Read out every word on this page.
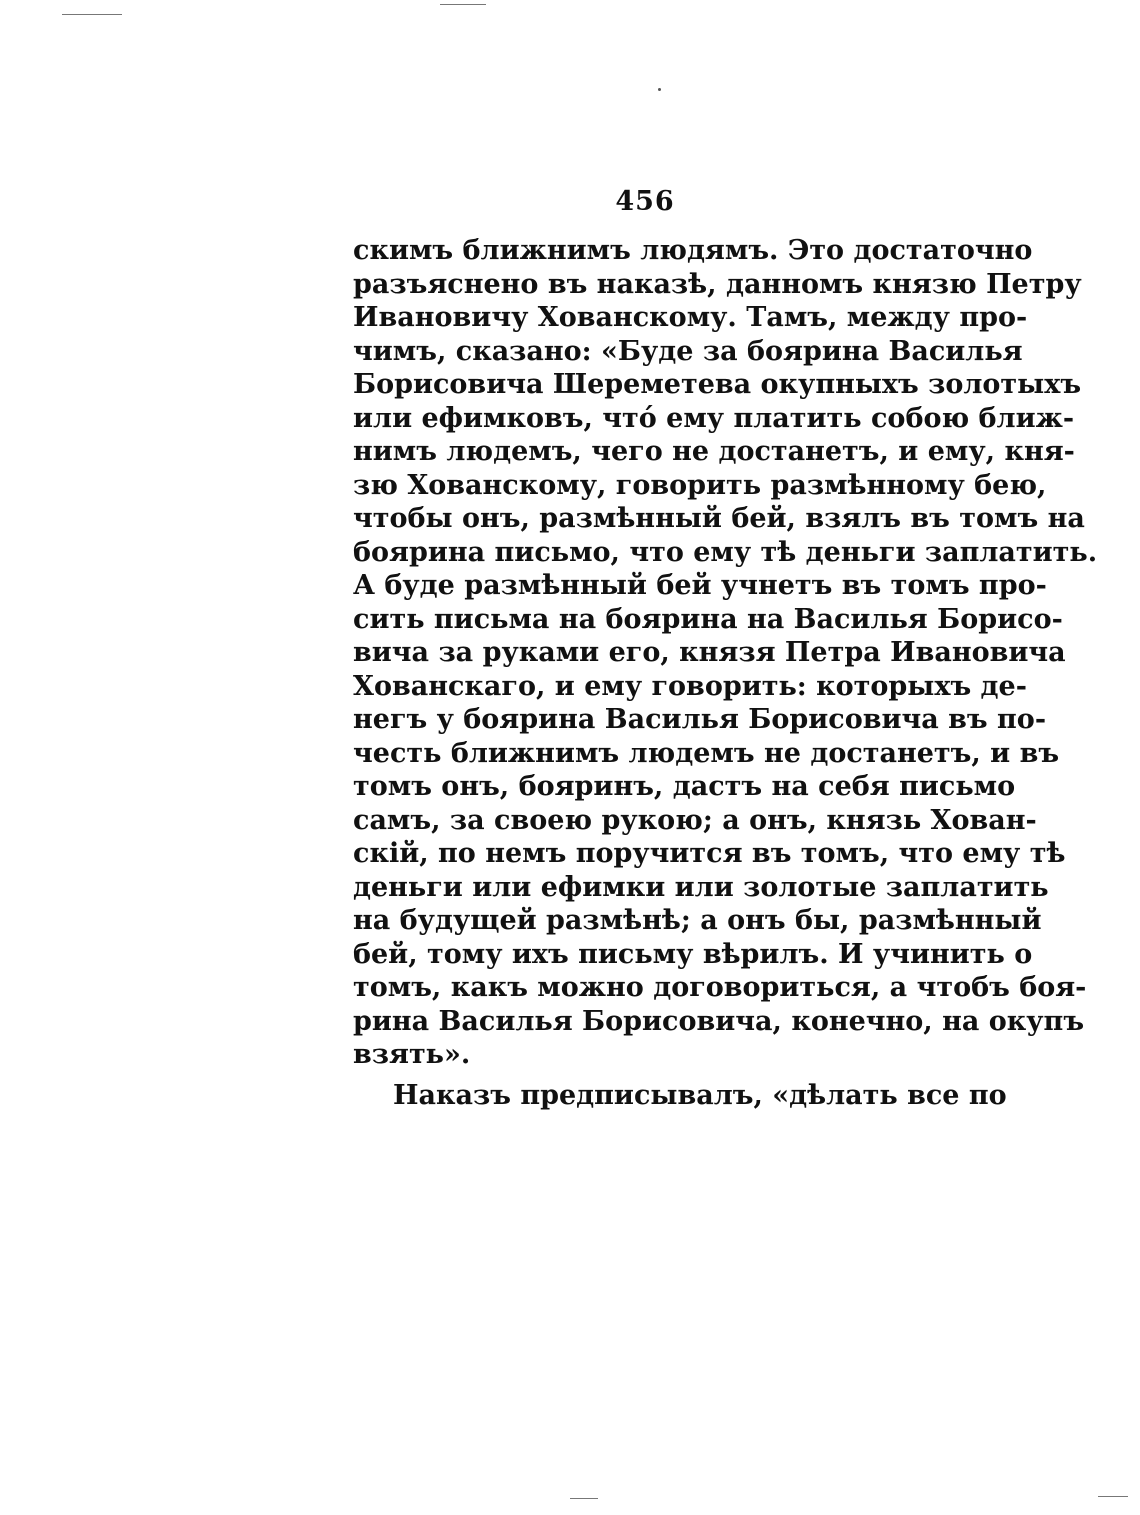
456
скимъ ближнимъ людямъ. Это достаточно
разъяснено въ наказѣ, данномъ князю Петру
Ивановичу Хованскому. Тамъ, между про-
чимъ, сказано: «Буде за боярина Василья
Борисовича Шереметева окупныхъ золотыхъ
или ефимковъ, что́ ему платить собою ближ-
нимъ людемъ, чего не достанетъ, и ему, кня-
зю Хованскому, говорить размѣнному бею,
чтобы онъ, размѣнный бей, взялъ въ томъ на
боярина письмо, что ему тѣ деньги заплатить.
А буде размѣнный бей учнетъ въ томъ про-
сить письма на боярина на Василья Борисо-
вича за руками его, князя Петра Ивановича
Хованскаго, и ему говорить: которыхъ де-
негъ у боярина Василья Борисовича въ по-
честь ближнимъ людемъ не достанетъ, и въ
томъ онъ, бояринъ, дастъ на себя письмо
самъ, за своею рукою; а онъ, князь Хован-
скій, по немъ поручится въ томъ, что ему тѣ
деньги или ефимки или золотые заплатить
на будущей размѣнѣ; а онъ бы, размѣнный
бей, тому ихъ письму вѣрилъ. И учинить о
томъ, какъ можно договориться, а чтобъ боя-
рина Василья Борисовича, конечно, на окупъ
взять».
Наказъ предписывалъ, «дѣлать все по
